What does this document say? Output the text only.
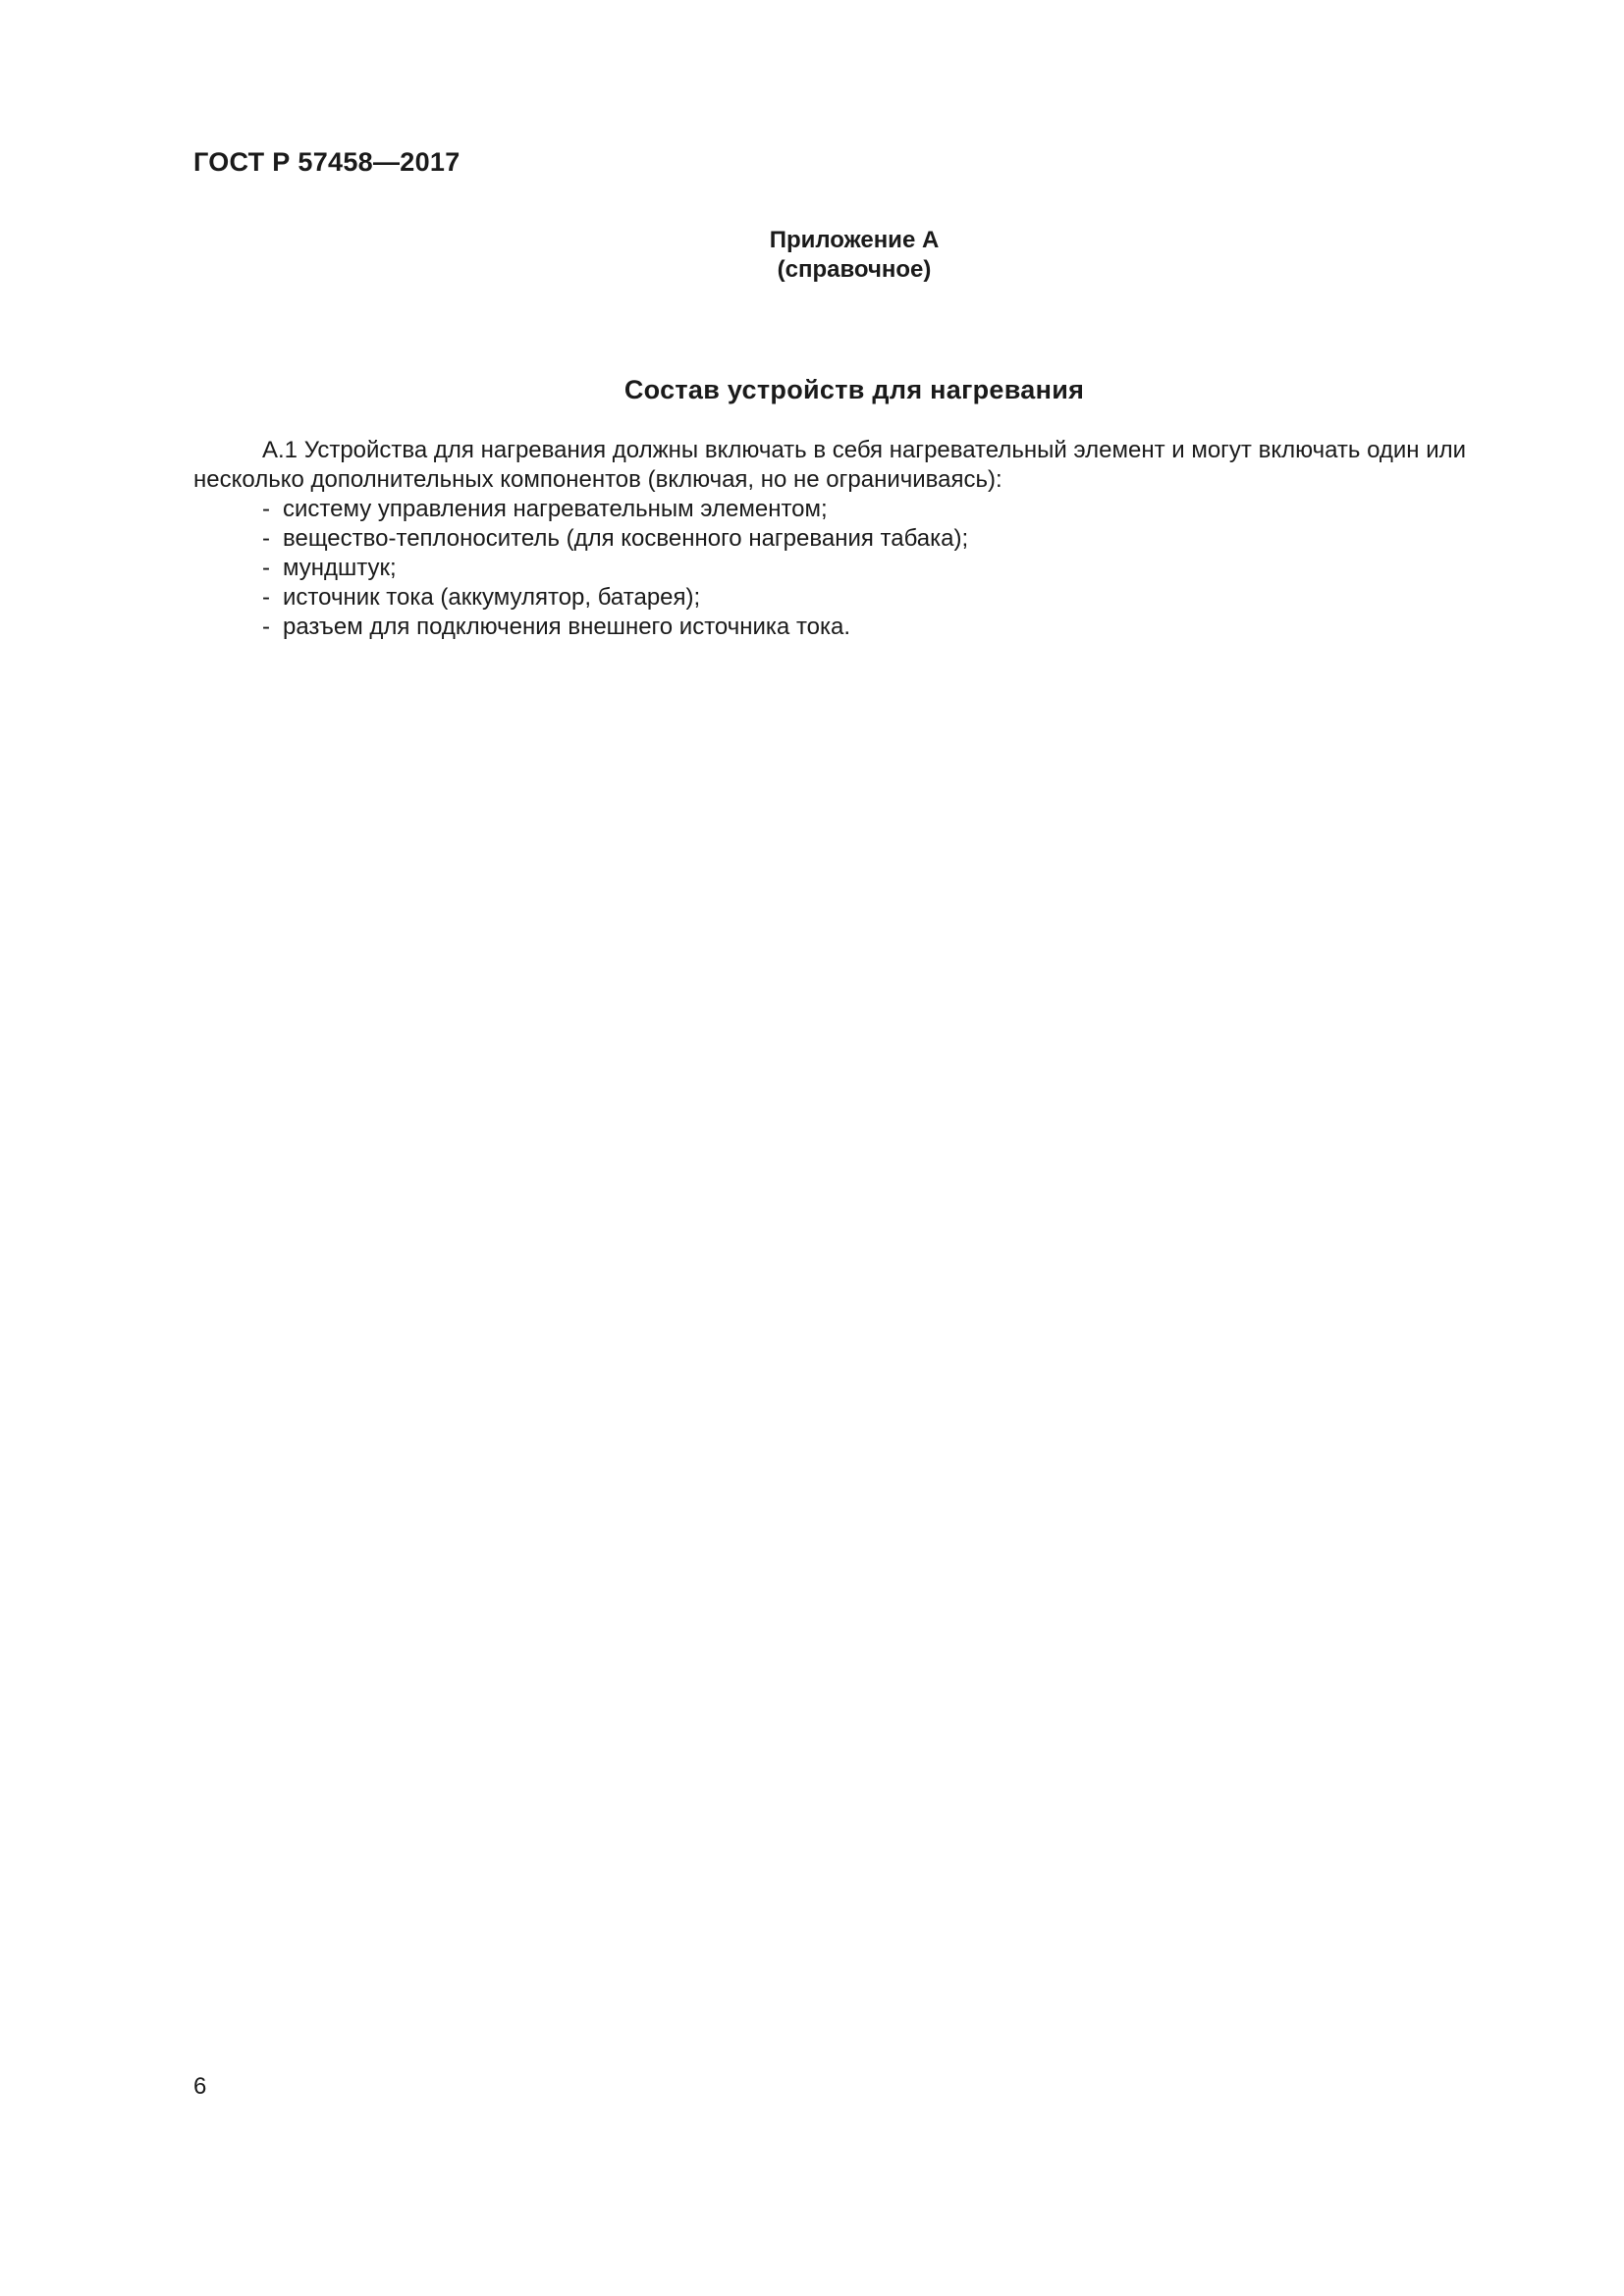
ГОСТ Р 57458—2017
Приложение А
(справочное)
Состав устройств для нагревания
А.1 Устройства для нагревания должны включать в себя нагревательный элемент и могут включать один или
несколько дополнительных компонентов (включая, но не ограничиваясь):
- систему управления нагревательным элементом;
- вещество-теплоноситель (для косвенного нагревания табака);
- мундштук;
- источник тока (аккумулятор, батарея);
- разъем для подключения внешнего источника тока.
6
